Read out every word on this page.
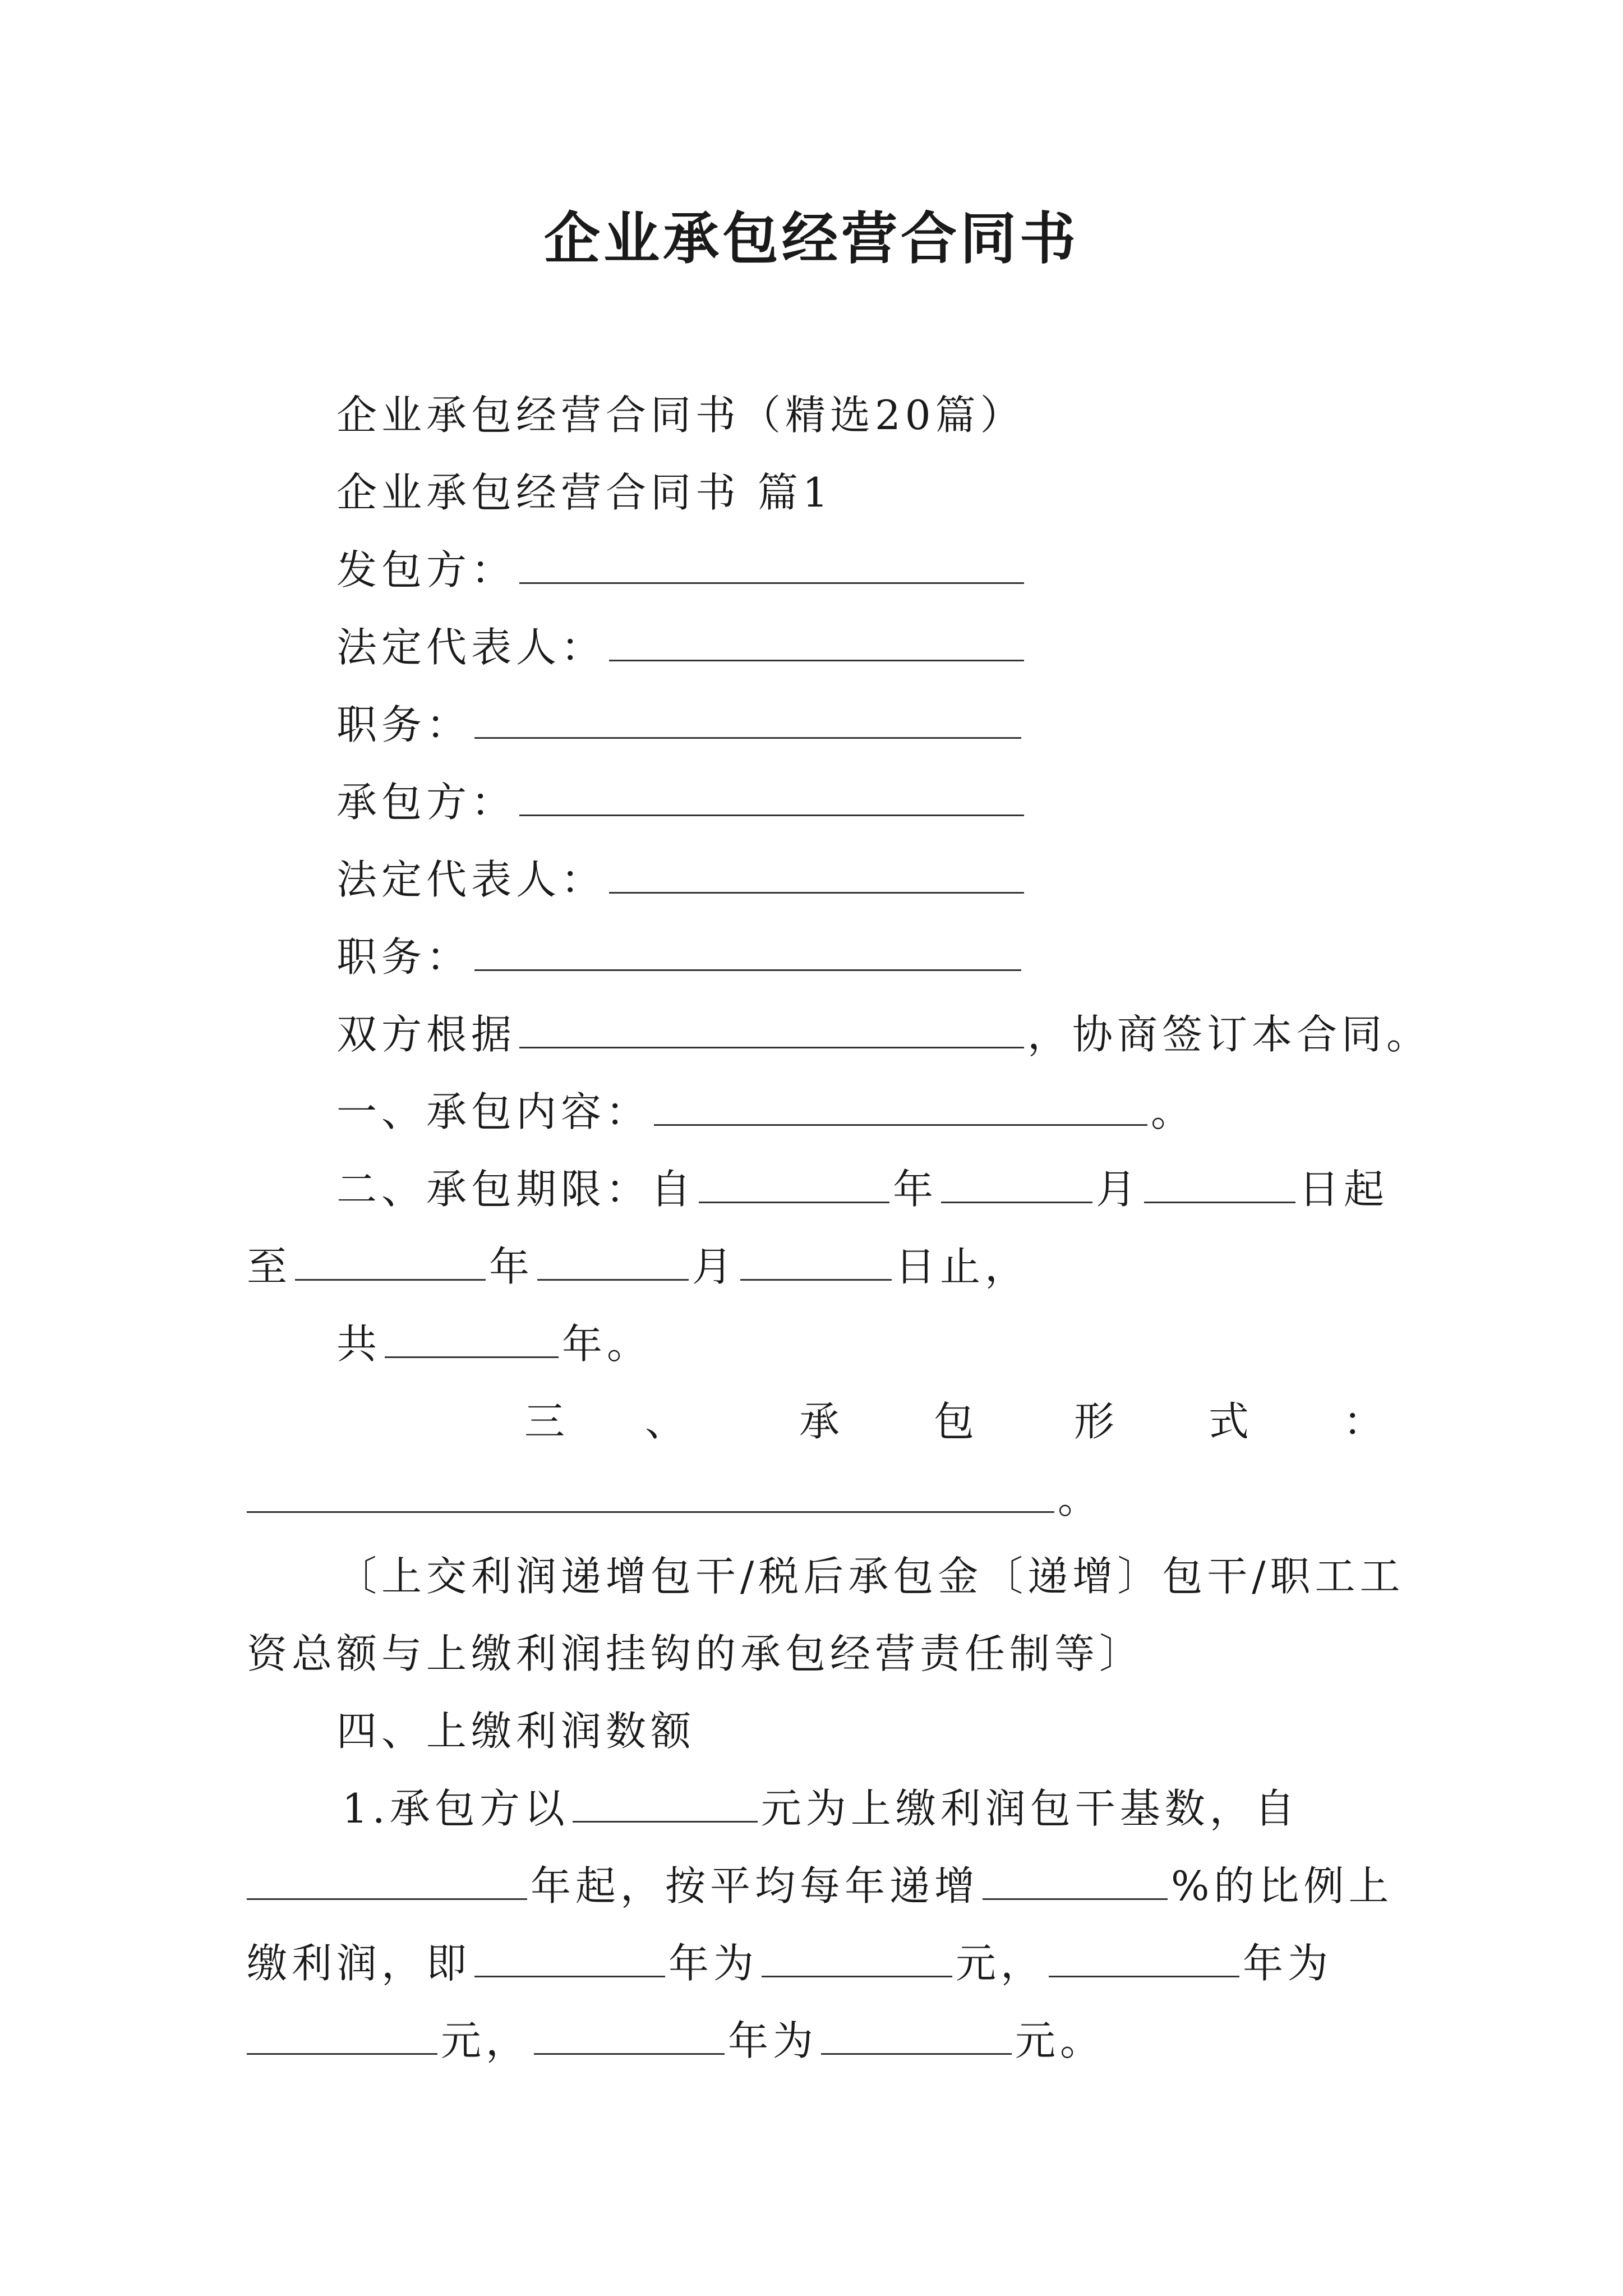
企业承包经营合同书
企业承包经营合同书（精选20篇）
企业承包经营合同书 篇1
发包方：
法定代表人：
职务：
承包方：
法定代表人：
职务：
双方根据	，协商签订本合同。
一、承包内容：	。
二、承包期限：自	年	月	日起
至	年	月	日止，
共	年。
三 、	承 包 形 式 ：
。
〔上交利润递增包干/税后承包金〔递增〕包干/职工工
资总额与上缴利润挂钩的承包经营责任制等〕
四、上缴利润数额
1.承包方以	元为上缴利润包干基数，自
年起，按平均每年递增	%的比例上
缴利润，即	年为	元，	年为
元，	年为	元。
